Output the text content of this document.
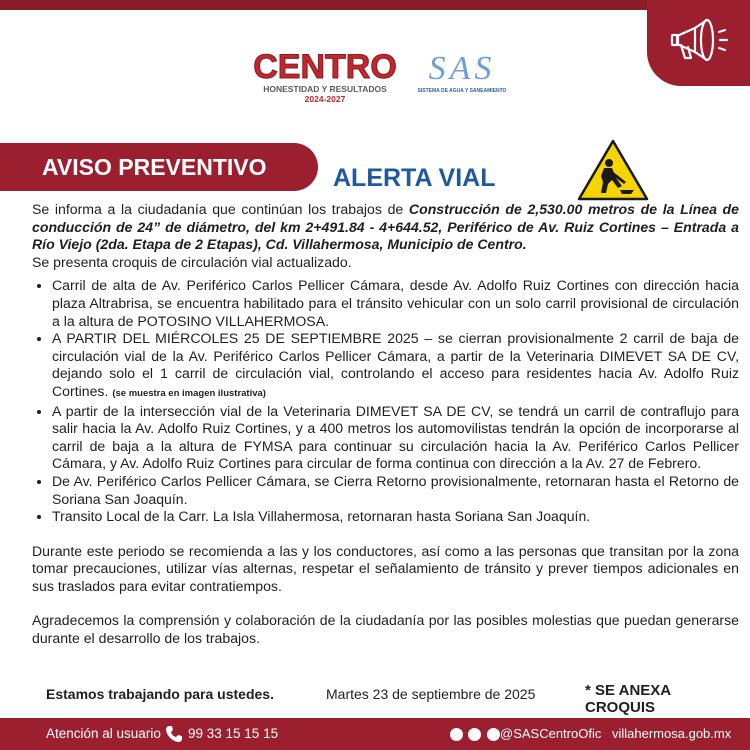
CENTRO
HONESTIDAD Y RESULTADOS
2024-2027
SAS
SISTEMA DE AGUA Y SANEAMIENTO
AVISO PREVENTIVO	ALERTA VIAL

Se informa a la ciudadanía que continúan los trabajos de Construcción de 2,530.00 metros de la Línea de conducción de 24” de diámetro, del km 2+491.84 - 4+644.52, Periférico de Av. Ruiz Cortines – Entrada a Río Viejo (2da. Etapa de 2 Etapas), Cd. Villahermosa, Municipio de Centro.
Se presenta croquis de circulación vial actualizado.

• Carril de alta de Av. Periférico Carlos Pellicer Cámara, desde Av. Adolfo Ruiz Cortines con dirección hacia plaza Altrabrisa, se encuentra habilitado para el tránsito vehicular con un solo carril provisional de circulación a la altura de POTOSINO VILLAHERMOSA.
• A PARTIR DEL MIÉRCOLES 25 DE SEPTIEMBRE 2025 – se cierran provisionalmente 2 carril de baja de circulación vial de la Av. Periférico Carlos Pellicer Cámara, a partir de la Veterinaria DIMEVET SA DE CV, dejando solo el 1 carril de circulación vial, controlando el acceso para residentes hacia Av. Adolfo Ruiz Cortines. (se muestra en imagen ilustrativa)
• A partir de la intersección vial de la Veterinaria DIMEVET SA DE CV, se tendrá un carril de contraflujo para salir hacia la Av. Adolfo Ruiz Cortines, y a 400 metros los automovilistas tendrán la opción de incorporarse al carril de baja a la altura de FYMSA para continuar su circulación hacia la Av. Periférico Carlos Pellicer Cámara, y Av. Adolfo Ruiz Cortines para circular de forma continua con dirección a la Av. 27 de Febrero.
• De Av. Periférico Carlos Pellicer Cámara, se Cierra Retorno provisionalmente, retornaran hasta el Retorno de Soriana San Joaquín.
• Transito Local de la Carr. La Isla Villahermosa, retornaran hasta Soriana San Joaquín.

Durante este periodo se recomienda a las y los conductores, así como a las personas que transitan por la zona tomar precauciones, utilizar vías alternas, respetar el señalamiento de tránsito y prever tiempos adicionales en sus traslados para evitar contratiempos.

Agradecemos la comprensión y colaboración de la ciudadanía por las posibles molestias que puedan generarse durante el desarrollo de los trabajos.

Estamos trabajando para ustedes.	Martes 23 de septiembre de 2025	* SE ANEXA CROQUIS
Atención al usuario 99 33 15 15 15
	@SASCentroOfic villahermosa.gob.mx
